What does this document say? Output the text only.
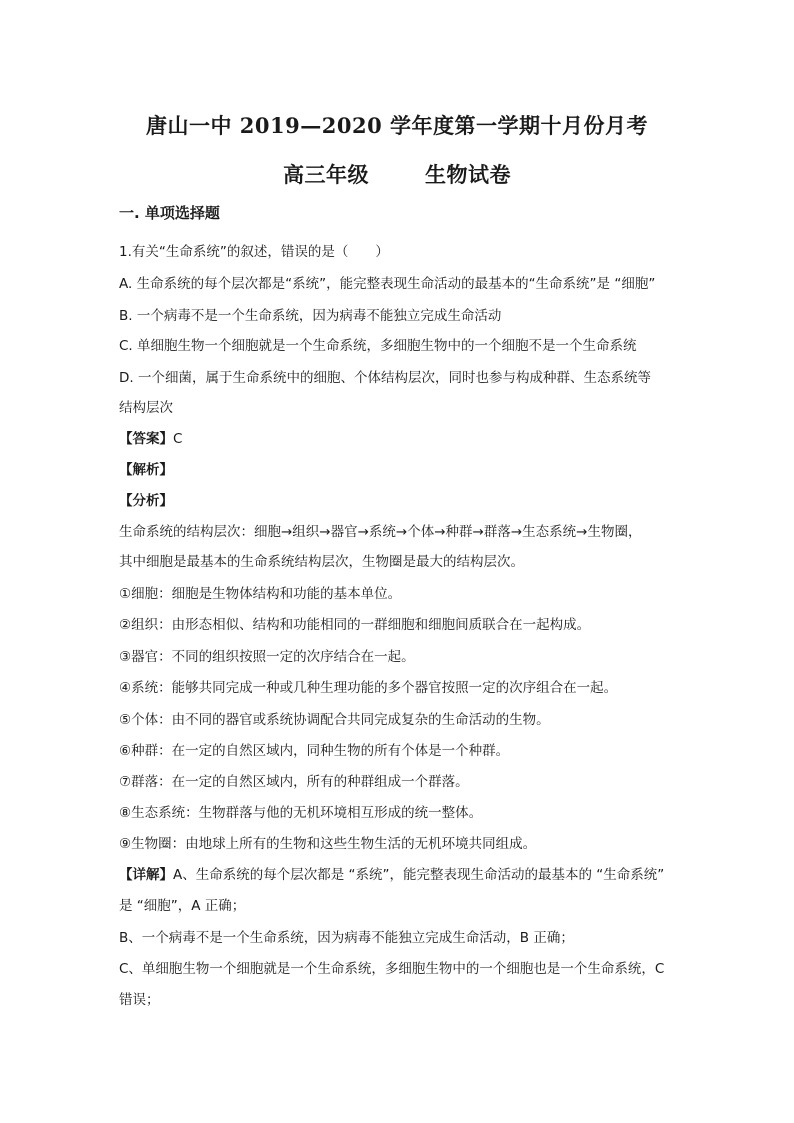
唐山一中 2019—2020 学年度第一学期十月份月考
高三年级	生物试卷
一. 单项选择题
1.有关“生命系统”的叙述，错误的是（　　）
A. 生命系统的每个层次都是“系统”，能完整表现生命活动的最基本的“生命系统”是 “细胞”
B. 一个病毒不是一个生命系统，因为病毒不能独立完成生命活动
C. 单细胞生物一个细胞就是一个生命系统，多细胞生物中的一个细胞不是一个生命系统
D. 一个细菌，属于生命系统中的细胞、个体结构层次，同时也参与构成种群、生态系统等
结构层次
【答案】C
【解析】
【分析】
生命系统的结构层次：细胞→组织→器官→系统→个体→种群→群落→生态系统→生物圈，
其中细胞是最基本的生命系统结构层次，生物圈是最大的结构层次。
①细胞：细胞是生物体结构和功能的基本单位。
②组织：由形态相似、结构和功能相同的一群细胞和细胞间质联合在一起构成。
③器官：不同的组织按照一定的次序结合在一起。
④系统：能够共同完成一种或几种生理功能的多个器官按照一定的次序组合在一起。
⑤个体：由不同的器官或系统协调配合共同完成复杂的生命活动的生物。
⑥种群：在一定的自然区域内，同种生物的所有个体是一个种群。
⑦群落：在一定的自然区域内，所有的种群组成一个群落。
⑧生态系统：生物群落与他的无机环境相互形成的统一整体。
⑨生物圈：由地球上所有的生物和这些生物生活的无机环境共同组成。
【详解】A、生命系统的每个层次都是 “系统”，能完整表现生命活动的最基本的 “生命系统”
是 “细胞”，A 正确；
B、一个病毒不是一个生命系统，因为病毒不能独立完成生命活动，B 正确；
C、单细胞生物一个细胞就是一个生命系统，多细胞生物中的一个细胞也是一个生命系统，C
错误；
